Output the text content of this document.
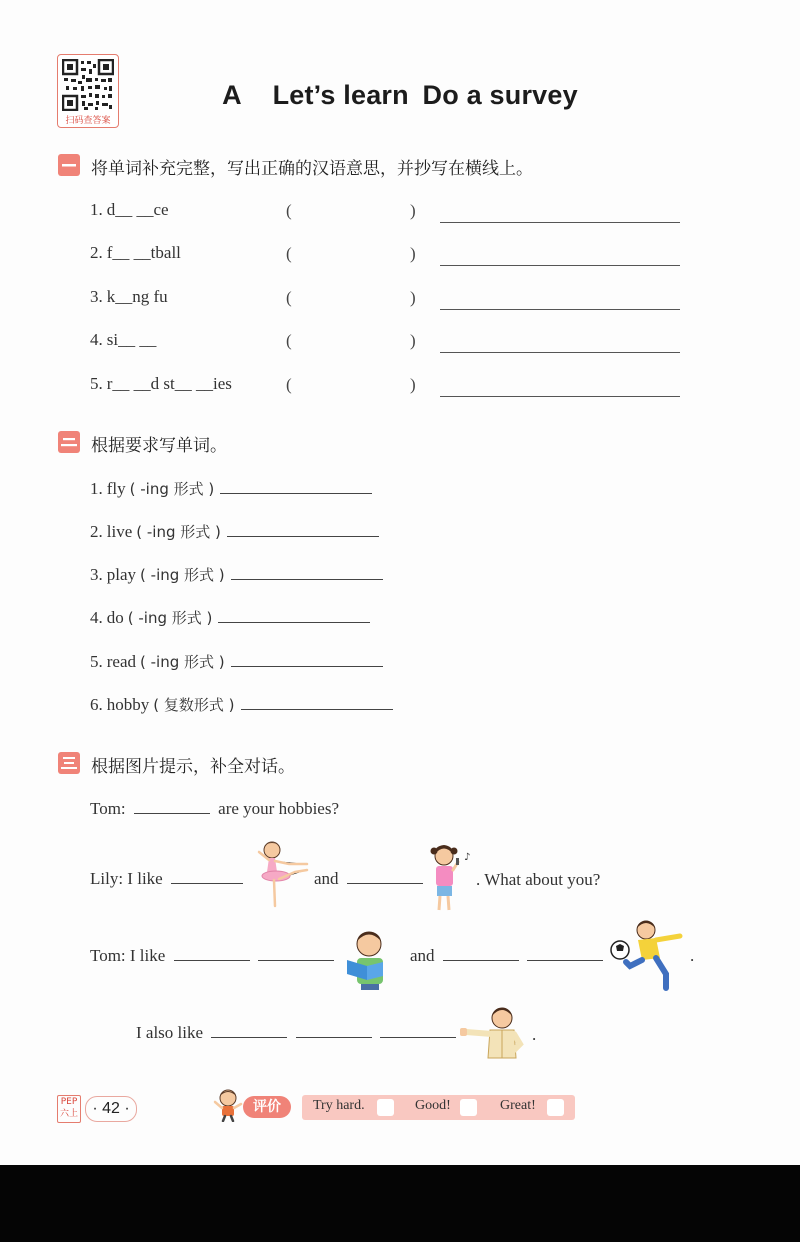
扫码查答案
A Let’s learn Do a survey
将单词补充完整，写出正确的汉语意思，并抄写在横线上。
1. d__ __ce	(	)
2. f__ __tball	(	)
3. k__ng fu	(	)
4. si__ __	(	)
5. r__ __d st__ __ies	(	)
根据要求写单词。
1. fly ( -ing 形式 )
2. live ( -ing 形式 )
3. play ( -ing 形式 )
4. do ( -ing 形式 )
5. read ( -ing 形式 )
6. hobby ( 复数形式 )
根据图片提示，补全对话。
Tom:	are your hobbies?
Lily: I like	and
♪
. What about you?
Tom: I like	and	.
I also like	.
PEP
六上 · 42 ·	评价	Try hard.	Good!	Great!
